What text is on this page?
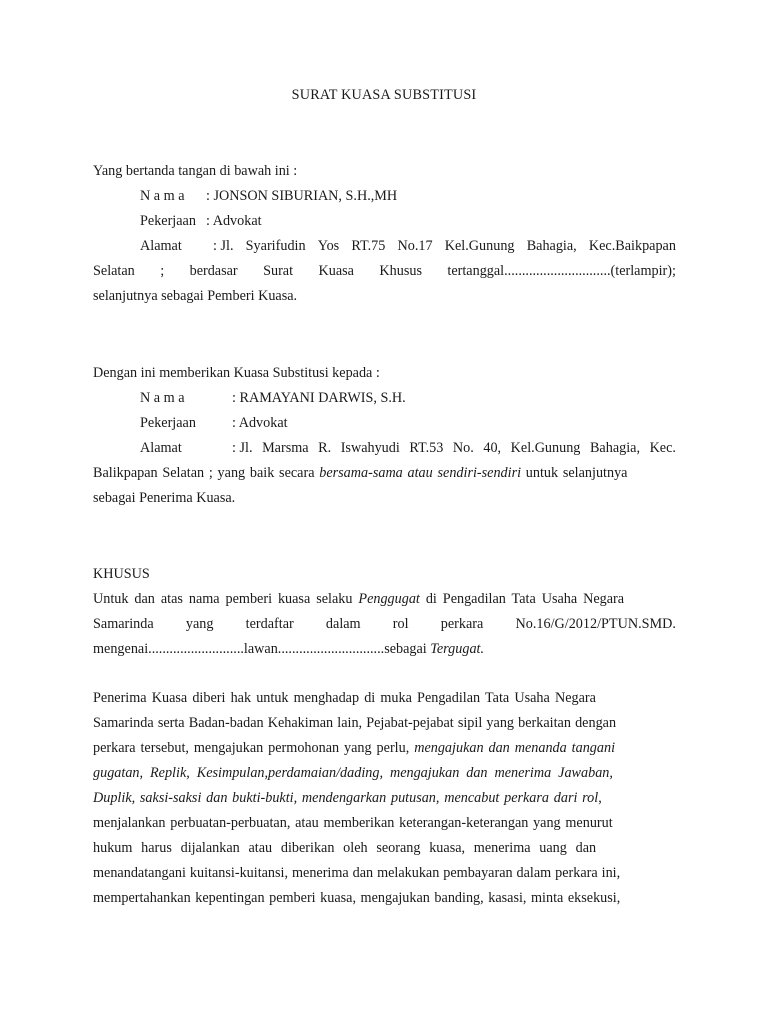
SURAT KUASA SUBSTITUSI
Yang bertanda tangan di bawah ini :
N a m a	: JONSON SIBURIAN, S.H.,MH
Pekerjaan : Advokat
Alamat	: Jl. Syarifudin Yos RT.75 No.17 Kel.Gunung Bahagia, Kec.Baikpapan
Selatan ; berdasar Surat Kuasa Khusus tertanggal..............................(terlampir);
selanjutnya sebagai Pemberi Kuasa.
Dengan ini memberikan Kuasa Substitusi kepada :
N a m a	: RAMAYANI DARWIS, S.H.
Pekerjaan	: Advokat
Alamat	: Jl. Marsma R. Iswahyudi RT.53 No. 40, Kel.Gunung Bahagia, Kec.
Balikpapan Selatan ; yang baik secara bersama-sama atau sendiri-sendiri untuk selanjutnya
sebagai Penerima Kuasa.
KHUSUS
Untuk dan atas nama pemberi kuasa selaku Penggugat di Pengadilan Tata Usaha Negara
Samarinda yang terdaftar dalam rol perkara No.16/G/2012/PTUN.SMD.
mengenai...........................lawan..............................sebagai Tergugat.
Penerima Kuasa diberi hak untuk menghadap di muka Pengadilan Tata Usaha Negara
Samarinda serta Badan-badan Kehakiman lain, Pejabat-pejabat sipil yang berkaitan dengan
perkara tersebut, mengajukan permohonan yang perlu, mengajukan dan menanda tangani
gugatan, Replik, Kesimpulan,perdamaian/dading, mengajukan dan menerima Jawaban,
Duplik, saksi-saksi dan bukti-bukti, mendengarkan putusan, mencabut perkara dari rol,
menjalankan perbuatan-perbuatan, atau memberikan keterangan-keterangan yang menurut
hukum harus dijalankan atau diberikan oleh seorang kuasa, menerima uang dan
menandatangani kuitansi-kuitansi, menerima dan melakukan pembayaran dalam perkara ini,
mempertahankan kepentingan pemberi kuasa, mengajukan banding, kasasi, minta eksekusi,
